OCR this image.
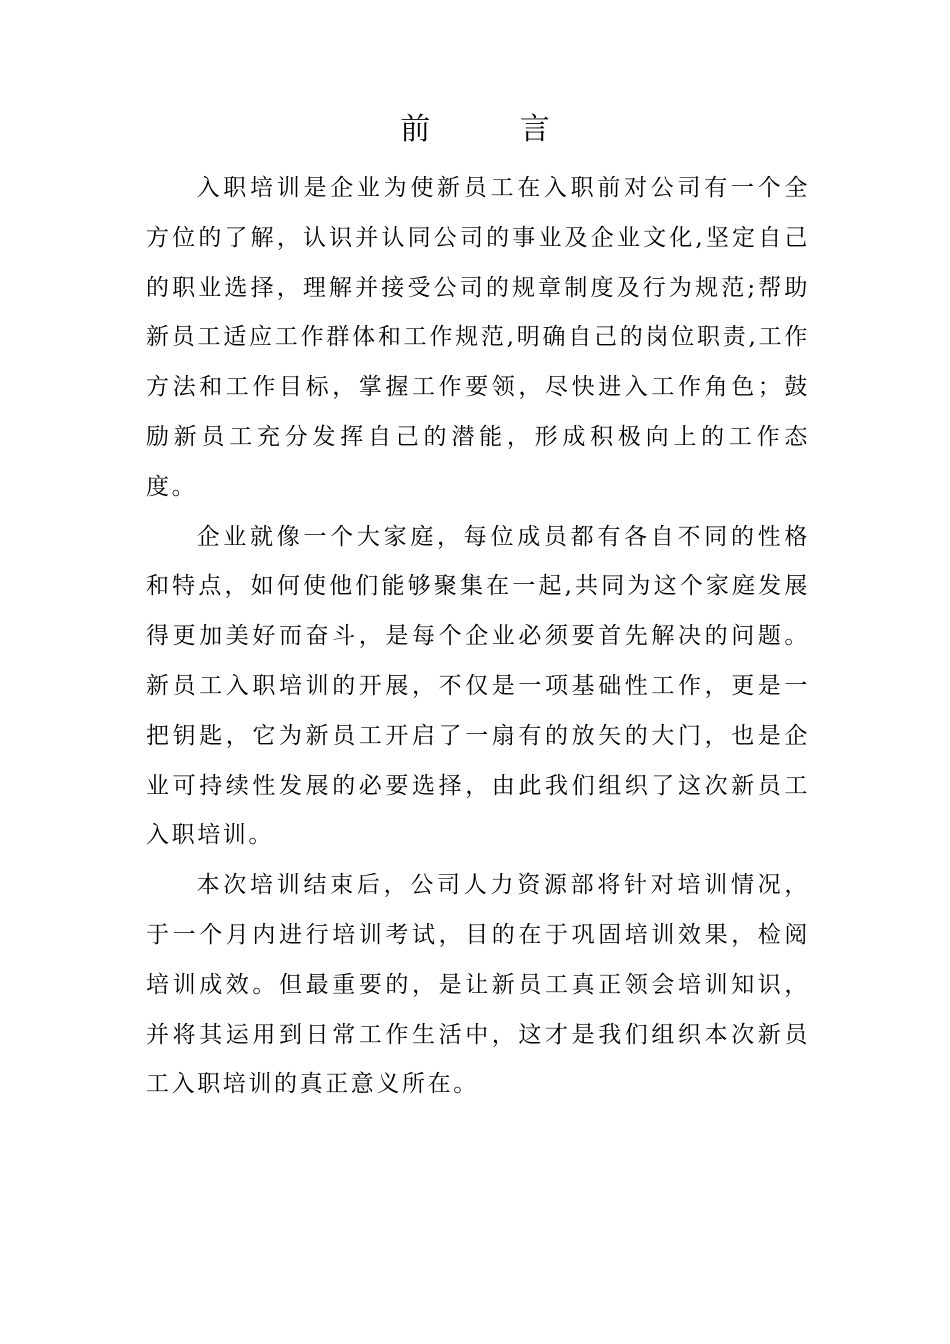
前 言

入职培训是企业为使新员工在入职前对公司有一个全方位的了解，认识并认同公司的事业及企业文化,坚定自己的职业选择，理解并接受公司的规章制度及行为规范;帮助新员工适应工作群体和工作规范,明确自己的岗位职责,工作方法和工作目标，掌握工作要领，尽快进入工作角色；鼓励新员工充分发挥自己的潜能，形成积极向上的工作态度。

企业就像一个大家庭，每位成员都有各自不同的性格和特点，如何使他们能够聚集在一起,共同为这个家庭发展得更加美好而奋斗，是每个企业必须要首先解决的问题。新员工入职培训的开展，不仅是一项基础性工作，更是一把钥匙，它为新员工开启了一扇有的放矢的大门，也是企业可持续性发展的必要选择，由此我们组织了这次新员工入职培训。

本次培训结束后，公司人力资源部将针对培训情况，于一个月内进行培训考试，目的在于巩固培训效果，检阅培训成效。但最重要的，是让新员工真正领会培训知识，并将其运用到日常工作生活中，这才是我们组织本次新员工入职培训的真正意义所在。
